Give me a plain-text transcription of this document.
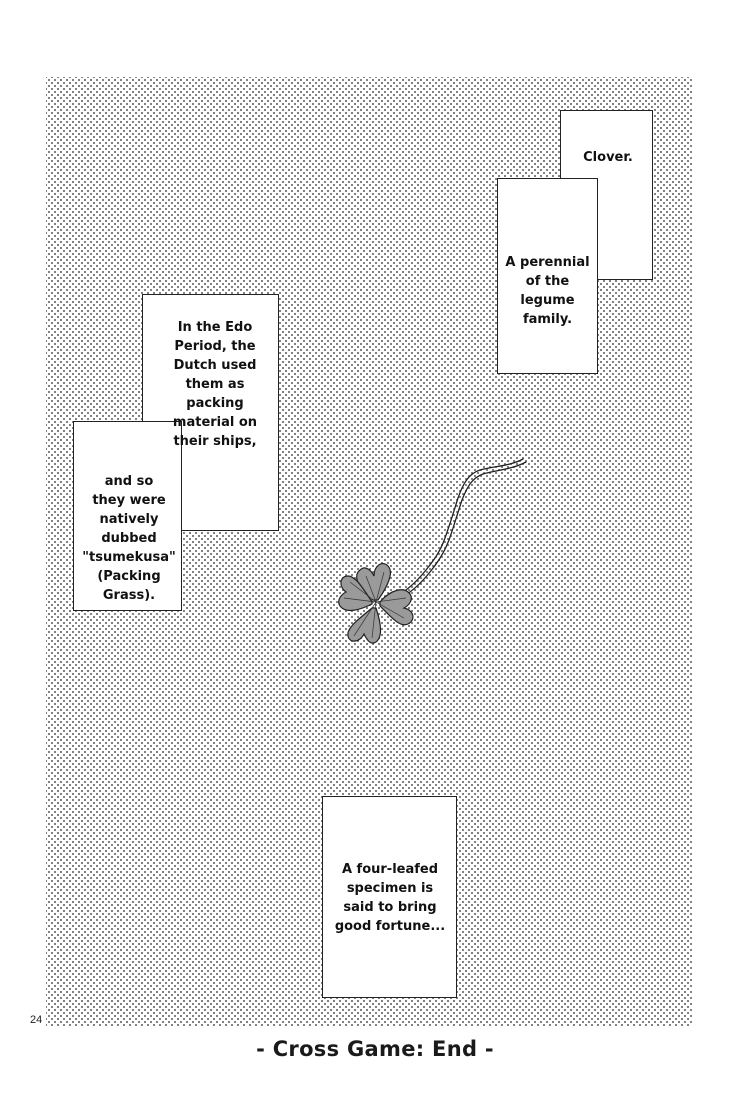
Clover.
A perennial
of the
legume
family.
In the Edo
Period, the
Dutch used
them as
packing
material on
their ships,
and so
they were
natively
dubbed
"tsumekusa"
(Packing
Grass).
A four-leafed
specimen is
said to bring
good fortune...
24
- Cross Game: End -
